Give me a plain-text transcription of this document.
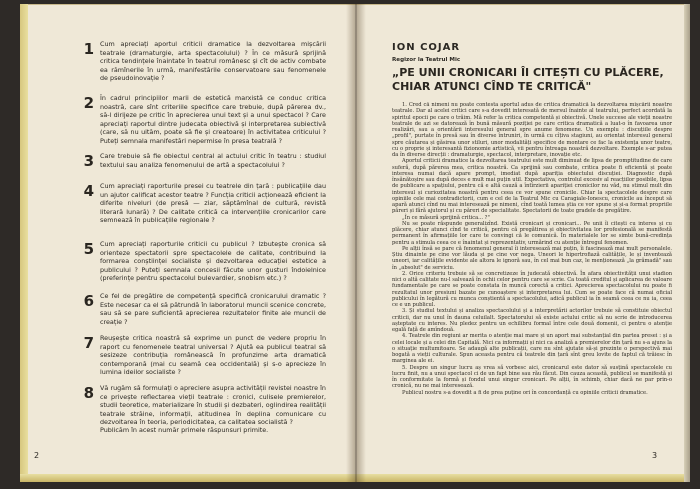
1 Cum apreciați aportul criticii dramatice la dezvoltarea mișcării teatrale (dramaturgie, arta spectacolului) ? În ce măsură sprijină critica tendințele înaintate în teatrul românesc și cît de activ combate ea rămînerile în urmă, manifestările conservatoare sau fenomenele de pseudoinovație ?
2 În cadrul principiilor marii de estetică marxistă ce conduc critica noastră, care sînt criteriile specifice care trebuie, după părerea dv., să-l dirijeze pe critic în aprecierea unui text și a unui spectacol ? Care apreciați raportul dintre judecata obiectivă și interpretarea subiectivă (care, să nu uităm, poate să fie și creatoare) în activitatea criticului ? Puteți semnala manifestări nepermise în presa teatrală ?
3 Care trebuie să fie obiectul central al actului critic în teatru : studiul textului sau analiza fenomenului de artă a spectacolului ?
4 Cum apreciați raporturile presei cu teatrele din țară : publicațiile dau un ajutor calificat acestor teatre ? Funcția criticii acționează eficient la diferite niveluri (de presă — ziar, săptămînal de cultură, revistă literară lunară) ? De calitate critică ca intervențiile cronicarilor care semnează în publicațiile regionale ?
5 Cum apreciați raporturile criticii cu publicul ? Izbutește cronica să orienteze spectatorii spre spectacolele de calitate, contribuind la formarea conștiinței socialiste și dezvoltarea educației estetice a publicului ? Puteți semnala concesii făcute unor gusturi îndoielnice (preferințe pentru spectacolul bulevardier, snobism etc.) ?
6 Ce fel de pregătire de competență specifică cronicarului dramatic ? Este necesar ca el să pătrundă în laboratorul muncii scenice concrete, sau să se pare suficientă aprecierea rezultatelor finite ale muncii de creație ?
7 Reușește critica noastră să exprime un punct de vedere propriu în raport cu fenomenele teatral universal ? Ajută ea publicul teatral să sesizeze contribuția românească în profunzime arta dramatică contemporană (mai cu seamă cea occidentală) și s-o aprecieze în lumina ideilor socialiste ?
8 Vă rugăm să formulați o apreciere asupra activității revistei noastre în ce privește reflectarea vieții teatrale : cronici, culisele premierelor, studii teoretice, materializare în studii și dezbateri, oglindirea realității teatrale străine, informații, atitudinea în deplina comunicare cu dezvoltarea în teoria, periodicitatea, ca calitatea socialistă ?
Publicăm în acest număr primele răspunsuri primite.
2
ION COJAR
Regizor la Teatrul Mic
„PE UNII CRONICARI ÎI CITEȘTI CU PLĂCERE, CHIAR ATUNCI CÎND TE CRITICĂ"

1. Cred că nimeni nu poate contesta aportul adus de critica dramatică la dezvoltarea mișcării noastre teatrale. Dar al acelei critici care s-a dovedit interesată de mersul înainte al teatrului, perfect acordată la spiritul epocii pe care o trăim. Mă refer la critica competentă și obiectivă. Unele succese ale vieții noastre teatrale de azi se datorează în bună măsură poziției pe care critica dramatică a luat-o în favoarea unor realizări, sau a orientării interesului general spre anume fenomene. Un exemplu : discuțiile despre „profil", purtate în presă sau în diverse întruniri, în urmă cu cîțiva stagiuni, au orientat interesul general spre căutarea și găsirea unor stiluri, unor modalități specifice de montare ce fac la existența unor teatre, cu o proprie și interesantă fizionomie artistică, vii pentru întreaga noastră dezvoltare. Exemple s-ar putea da în diverse direcții : dramaturgie, spectacol, interpretare, inovație etc.

Aportul criticii dramatice la dezvoltarea teatrului este mult diminuat de lipsa de promptitudine de care suferă, după părerea mea, critica noastră. Ca sprijină sau combate, critica poate fi eficientă și poate interesa numai dacă apare prompt, imediat după apariția obiectului discuției. Diagnostic după însănătoșire sau după deces e mult mai puțin util. Expectativa, controlul excesiv al reacțiilor posibile, lipsa de publicare a spațiului, pentru că e altă cauză a întîrzierii apariției cronicilor nu văd, nu stimul mult din interesul și curiozitatea noastră pentru ceea ce vor spune cronicile. Chiar la spectacolele despre care opiniile cele mai contradictorii, cum e cel de la Teatrul Mic cu Caragiale-Ionescu, cronicile au început să apară atunci cînd nu mai interesează pe nimeni, cînd toată lumea știa ce vor spune și și-a format propriile păreri și fără ajutorul și cu păreri de specialitate. Spectatorii de toate gradele de pregătire.

„În ce măsură sprijină critica... ?"

Nu se poate răspunde generalizînd. Există cronicari și cronicari... Pe unii îi citești cu interes și cu plăcere, chiar atunci cînd te critică, pentru că pregătirea și obiectivitatea lor profesională se manifestă permanent în afirmațiile lor care te convingi că le comunică. În materialele lor se simte bună-credința pentru a stimula ceea ce e înaintat și reprezentativ, urmărind cu atenție întregul fenomen.

Pe alții însă se pare că fenomenul general îi interesează mai puțin, îi fascinează mai mult personalele. Știu dinainte pe cine vor lăuda și pe cine vor nega. Uneori le hipertrofiază calitățile, le și inventează uneori, iar calitățile evidente ale altora le ignoră sau, în cel mai bun caz, le menționează „la grămadă" sau în „absolut" de serviciu.

2. Orice criteriu trebuie să se concretizeze în judecată obiectivă. În afara obiectivității unui stadion nici o altă calitate nu-l salvează în ochii celor pentru care se scrie. Ca toată creditul și aplicarea de valoare fundamentale pe care se poate constata în muncă corectă a critici. Aprecierea spectacolului nu poate fi rezultatul unor presiuni bazate pe cunoaștere și interpretarea lui. Cum se poate face că numai oficial publicului în legătură cu munca conștientă a spectacolului, adică publicul ia în seamă ceea ce nu ia, ceea ce e un publicul.

3. Și studiul textului și analiza spectacolului și a interpretării actorilor trebuie să constituie obiectul criticii, dar nu unul în dauna celuilalt. Spectatorului să existe actului critic să nu scrie de introducerea așteptate cu interes. Nu pledez pentru un echilibru formal între cele două domenii, ci pentru o atenție egală față de amîndouă.

4. Teatrele din regiuni ar merita o atenție mai mare și un aport mai substanțial din partea presei : și a celei locale și a celei din Capitală. Nici ca informații și nici ca analiză a premierelor din țară nu s-a ajuns la o situație multumitoare. Se adaugă alte publicații, care nu sînt ajutate să-și prezinte o perspectivă mai bogată a vieții culturale. Spun aceasta pentru că teatrele din țară sînt greu lovite de faptul că trăiesc în marginea ale ei.

5. Despre un singur lucru aș vrea să vorbesc aici, cronicarul este dator să susțină spectacolele cu lucru finit, nu a unui spectacol ci de un fapt bine sau rău făcut. Din cauza această, publicul se manifestă și în conformitate la formă și fondul unui singur cronicari. Pe alții, în schimb, chiar dacă ne par prin-o cronică, nu ne mai interesează.

Publicul nostru s-a dovedit a fi de prea puține ori în concordanță cu opiniile criticii dramatice.

3
